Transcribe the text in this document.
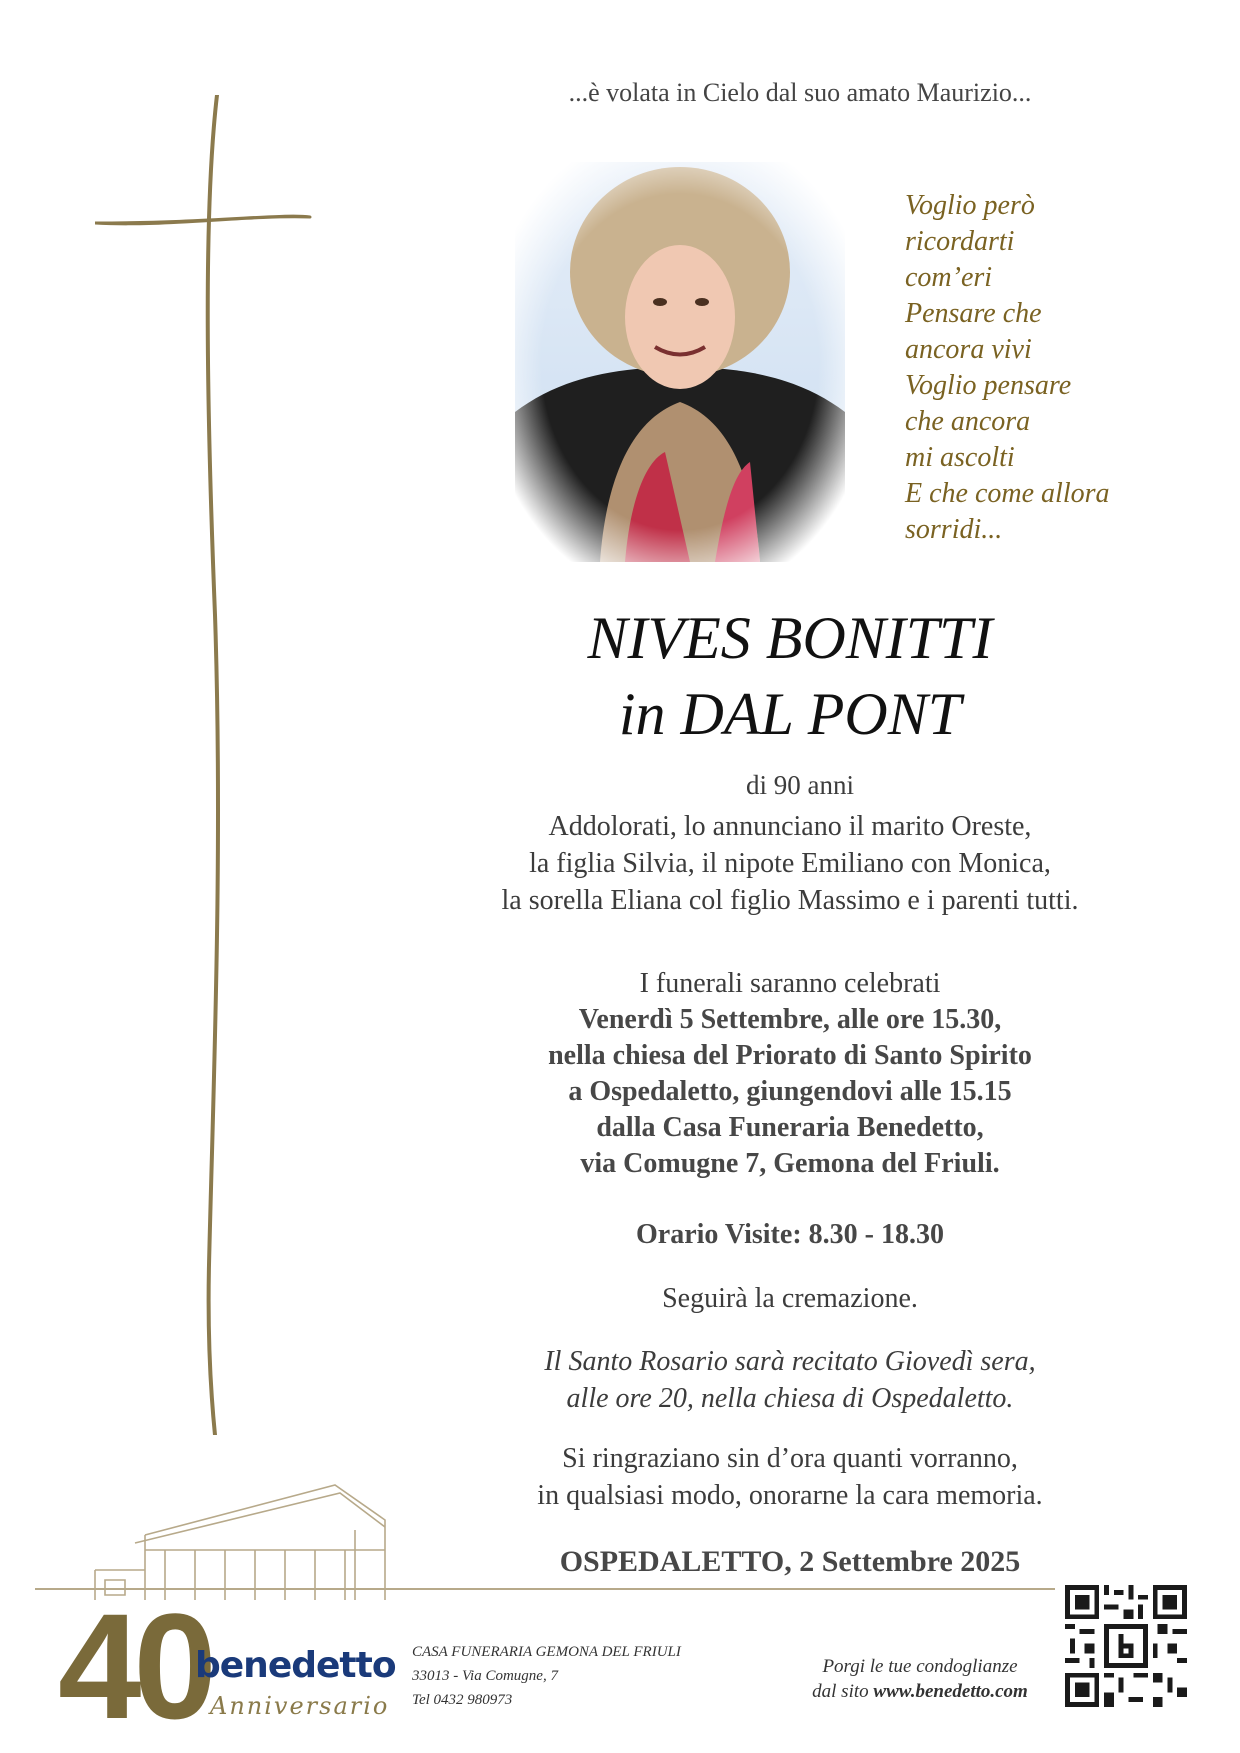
...è volata in Cielo dal suo amato Maurizio...
Voglio però
ricordarti
com’eri
Pensare che
ancora vivi
Voglio pensare
che ancora
mi ascolti
E che come allora
sorridi...
NIVES BONITTI
in DAL PONT
di 90 anni
Addolorati, lo annunciano il marito Oreste,
la figlia Silvia, il nipote Emiliano con Monica,
la sorella Eliana col figlio Massimo e i parenti tutti.
I funerali saranno celebrati
Venerdì 5 Settembre, alle ore 15.30,
nella chiesa del Priorato di Santo Spirito
a Ospedaletto, giungendovi alle 15.15
dalla Casa Funeraria Benedetto,
via Comugne 7, Gemona del Friuli.
Orario Visite: 8.30 - 18.30
Seguirà la cremazione.
Il Santo Rosario sarà recitato Giovedì sera,
alle ore 20, nella chiesa di Ospedaletto.
Si ringraziano sin d’ora quanti vorranno,
in qualsiasi modo, onorarne la cara memoria.
OSPEDALETTO, 2 Settembre 2025
40
benedetto
Anniversario
CASA FUNERARIA GEMONA DEL FRIULI
33013 - Via Comugne, 7
Tel 0432 980973
Porgi le tue condoglianze
dal sito www.benedetto.com
